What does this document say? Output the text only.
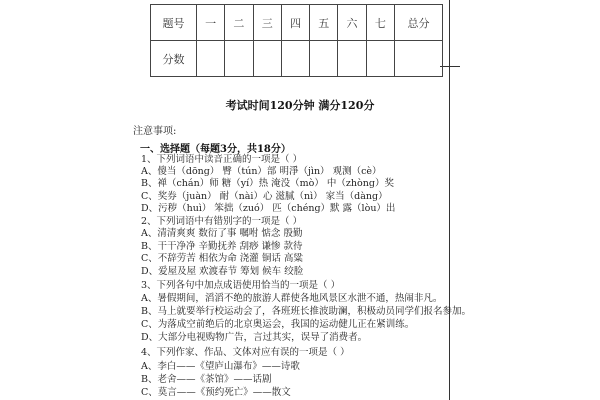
题号	一	二	三	四	五	六	七	总分
分数								
考试时间120分钟 满分120分
注意事项:
一、选择题（每题3分，共18分）
1、下列词语中读音正确的一项是（ ）
A、傻当（dōng） 臀（tún）部 明淨（jìn） 观测（cè）
B、禅（chán）师 糖（yí）热 淹没（mò） 中（zhòng）奖
C、奖券（juàn） 耐（nài）心 滋腻（nì） 家当（dàng）
D、污秽（huì） 笨拙（zuó） 匹（chéng）默 露（lòu）出
2、下列词语中有错别字的一项是（ ）
A、清清爽爽 数衍了事 嘱咐 惦念 殷勤
B、干干净净 辛勤抚养 刮痧 谦惨 款待
C、不辞劳苦 相依为命 浇灌 铜话 高粱
D、爱屋及屋 欢渡春节 筹划 候车 绞脸
3、下列各句中加点成语使用恰当的一项是（ ）
A、暑假期间，滔滔不绝的旅游人群使各地风景区水泄不通，热闹非凡。
B、马上就要举行校运动会了，各班班长推波助澜，积极动员同学们报名参加。
C、为落成空前绝后的北京奥运会，我国的运动健儿正在紧训练。
D、大部分电视购物广告，言过其实，误导了消费者。
4、下列作家、作品、文体对应有误的一项是（ ）
A、李白——《望庐山瀑布》——诗歌
B、老舍——《茶馆》——话剧
C、莫言——《预约死亡》——散文
